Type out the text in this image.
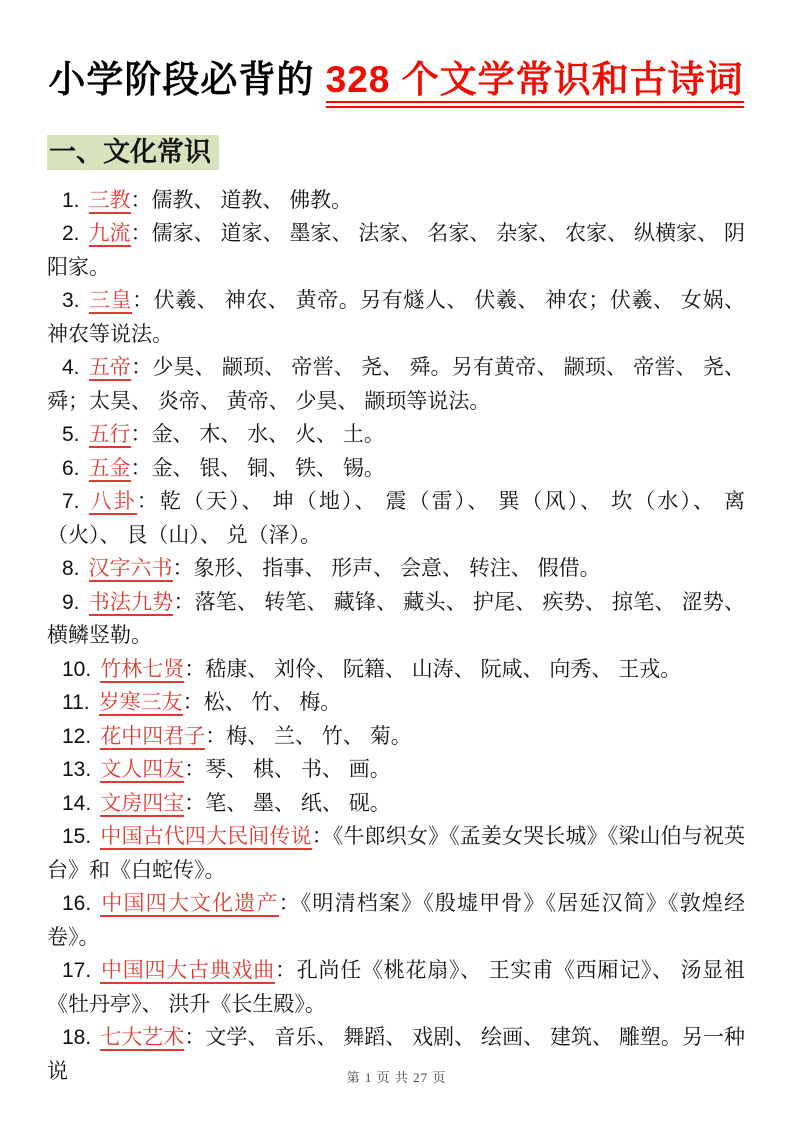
小学阶段必背的 328 个文学常识和古诗词
一、文化常识

1. 三教：儒教、 道教、 佛教。

2. 九流：儒家、 道家、 墨家、 法家、 名家、 杂家、 农家、 纵横家、 阴阳家。

3. 三皇：伏羲、 神农、 黄帝。另有燧人、 伏羲、 神农；伏羲、 女娲、 神农等说法。

4. 五帝：少昊、 颛顼、 帝喾、 尧、 舜。另有黄帝、 颛顼、 帝喾、 尧、 舜；太昊、 炎帝、 黄帝、 少昊、 颛顼等说法。

5. 五行：金、 木、 水、 火、 土。

6. 五金：金、 银、 铜、 铁、 锡。

7. 八卦：乾（天）、 坤（地）、 震（雷）、 巽（风）、 坎（水）、 离（火）、 艮（山）、 兑（泽）。

8. 汉字六书：象形、 指事、 形声、 会意、 转注、 假借。

9. 书法九势：落笔、 转笔、 藏锋、 藏头、 护尾、 疾势、 掠笔、 涩势、 横鳞竖勒。

10. 竹林七贤：嵇康、 刘伶、 阮籍、 山涛、 阮咸、 向秀、 王戎。

11. 岁寒三友：松、 竹、 梅。

12. 花中四君子：梅、 兰、 竹、 菊。

13. 文人四友：琴、 棋、 书、 画。

14. 文房四宝：笔、 墨、 纸、 砚。

15. 中国古代四大民间传说：《牛郎织女》《孟姜女哭长城》《梁山伯与祝英台》和《白蛇传》。

16. 中国四大文化遗产：《明清档案》《殷墟甲骨》《居延汉简》《敦煌经卷》。

17. 中国四大古典戏曲：孔尚任《桃花扇》、 王实甫《西厢记》、 汤显祖《牡丹亭》、 洪升《长生殿》。

18. 七大艺术：文学、 音乐、 舞蹈、 戏剧、 绘画、 建筑、 雕塑。另一种说	第 1 页 共 27 页
